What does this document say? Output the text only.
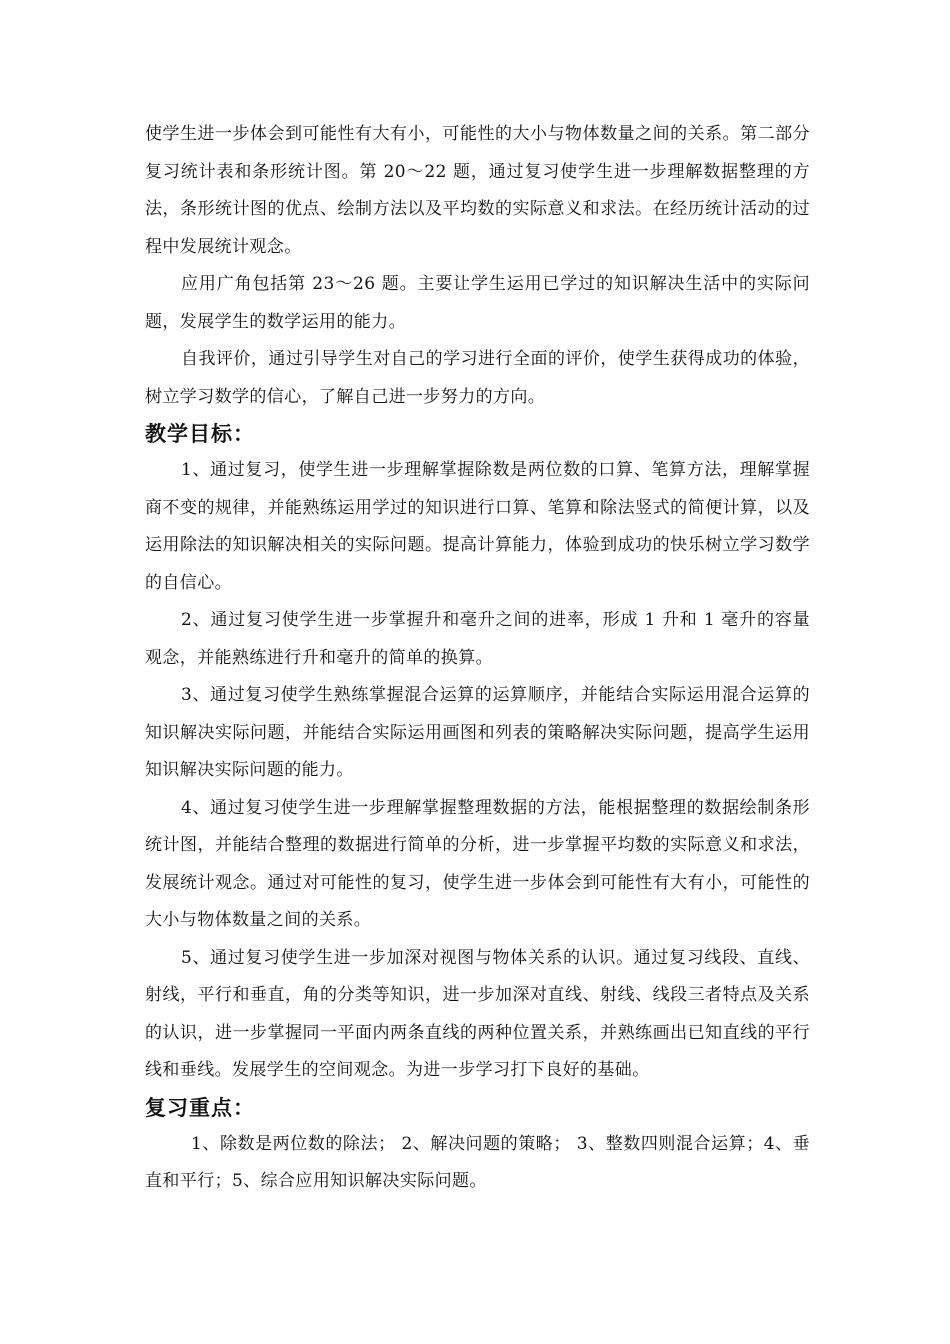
使学生进一步体会到可能性有大有小，可能性的大小与物体数量之间的关系。第二部分复习统计表和条形统计图。第 20～22 题，通过复习使学生进一步理解数据整理的方法，条形统计图的优点、绘制方法以及平均数的实际意义和求法。在经历统计活动的过程中发展统计观念。

应用广角包括第 23～26 题。主要让学生运用已学过的知识解决生活中的实际问题，发展学生的数学运用的能力。

自我评价，通过引导学生对自己的学习进行全面的评价，使学生获得成功的体验，树立学习数学的信心，了解自己进一步努力的方向。

教学目标：

1、通过复习，使学生进一步理解掌握除数是两位数的口算、笔算方法，理解掌握商不变的规律，并能熟练运用学过的知识进行口算、笔算和除法竖式的简便计算，以及运用除法的知识解决相关的实际问题。提高计算能力，体验到成功的快乐树立学习数学的自信心。

2、通过复习使学生进一步掌握升和毫升之间的进率，形成 1 升和 1 毫升的容量观念，并能熟练进行升和毫升的简单的换算。

3、通过复习使学生熟练掌握混合运算的运算顺序，并能结合实际运用混合运算的知识解决实际问题，并能结合实际运用画图和列表的策略解决实际问题，提高学生运用知识解决实际问题的能力。

4、通过复习使学生进一步理解掌握整理数据的方法，能根据整理的数据绘制条形统计图，并能结合整理的数据进行简单的分析，进一步掌握平均数的实际意义和求法，发展统计观念。通过对可能性的复习，使学生进一步体会到可能性有大有小，可能性的大小与物体数量之间的关系。

5、通过复习使学生进一步加深对视图与物体关系的认识。通过复习线段、直线、射线，平行和垂直，角的分类等知识，进一步加深对直线、射线、线段三者特点及关系的认识，进一步掌握同一平面内两条直线的两种位置关系，并熟练画出已知直线的平行线和垂线。发展学生的空间观念。为进一步学习打下良好的基础。

复习重点：

1、除数是两位数的除法； 2、解决问题的策略； 3、整数四则混合运算；4、垂直和平行；5、综合应用知识解决实际问题。
